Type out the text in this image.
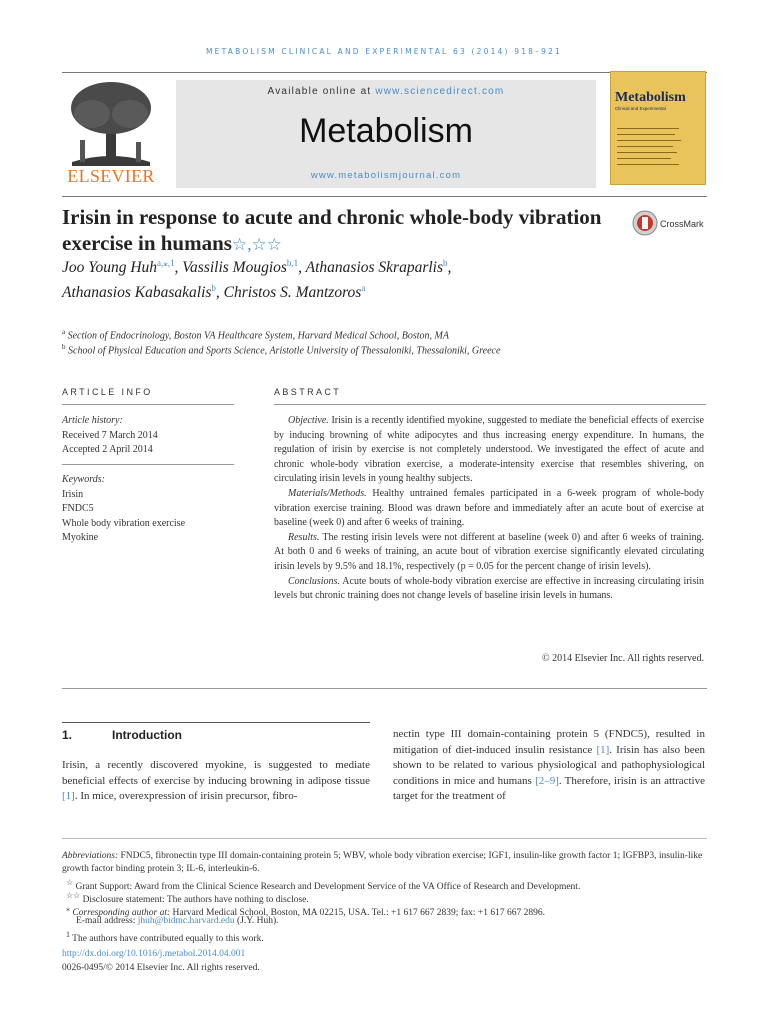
METABOLISM CLINICAL AND EXPERIMENTAL 63 (2014) 918–921
ELSEVIER
Available online at www.sciencedirect.com
Metabolism
www.metabolismjournal.com
Metabolism
Clinical and Experimental
Irisin in response to acute and chronic whole-body vibration exercise in humans☆,☆☆
CrossMark
Joo Young Huh$^{a,⁎,1}$, Vassilis Mougios$^{b,1}$, Athanasios Skraparlis$^b$,
Athanasios Kabasakalis$^b$, Christos S. Mantzoros$^a$
$^a$ Section of Endocrinology, Boston VA Healthcare System, Harvard Medical School, Boston, MA
$^b$ School of Physical Education and Sports Science, Aristotle University of Thessaloniki, Thessaloniki, Greece
ARTICLE INFO	ABSTRACT
Article history:
Received 7 March 2014
Accepted 2 April 2014
Keywords:
Irisin
FNDC5
Whole body vibration exercise
Myokine

Objective. Irisin is a recently identified myokine, suggested to mediate the beneficial effects of exercise by inducing browning of white adipocytes and thus increasing energy expenditure. In humans, the regulation of irisin by exercise is not completely understood. We investigated the effect of acute and chronic whole-body vibration exercise, a moderate-intensity exercise that resembles shivering, on circulating irisin levels in young healthy subjects.

Materials/Methods. Healthy untrained females participated in a 6-week program of whole-body vibration exercise training. Blood was drawn before and immediately after an acute bout of exercise at baseline (week 0) and after 6 weeks of training.

Results. The resting irisin levels were not different at baseline (week 0) and after 6 weeks of training. At both 0 and 6 weeks of training, an acute bout of vibration exercise significantly elevated circulating irisin levels by 9.5% and 18.1%, respectively (p = 0.05 for the percent change of irisin levels).

Conclusions. Acute bouts of whole-body vibration exercise are effective in increasing circulating irisin levels but chronic training does not change levels of baseline irisin levels in humans.

© 2014 Elsevier Inc. All rights reserved.
1.	Introduction
Irisin, a recently discovered myokine, is suggested to mediate beneficial effects of exercise by inducing browning in adipose tissue [1]. In mice, overexpression of irisin precursor, fibro-
nectin type III domain-containing protein 5 (FNDC5), resulted in mitigation of diet-induced insulin resistance [1]. Irisin has also been shown to be related to various physiological and pathophysiological conditions in mice and humans [2–9]. Therefore, irisin is an attractive target for the treatment of
Abbreviations: FNDC5, fibronectin type III domain-containing protein 5; WBV, whole body vibration exercise; IGF1, insulin-like growth factor 1; IGFBP3, insulin-like growth factor binding protein 3; IL-6, interleukin-6.
☆ Grant Support: Award from the Clinical Science Research and Development Service of the VA Office of Research and Development.
☆☆ Disclosure statement: The authors have nothing to disclose.
⁎ Corresponding author at: Harvard Medical School, Boston, MA 02215, USA. Tel.: +1 617 667 2839; fax: +1 617 667 2896.
E-mail address: jhuh@bidmc.harvard.edu (J.Y. Huh).
$^1$ The authors have contributed equally to this work.
http://dx.doi.org/10.1016/j.metabol.2014.04.001
0026-0495/© 2014 Elsevier Inc. All rights reserved.
